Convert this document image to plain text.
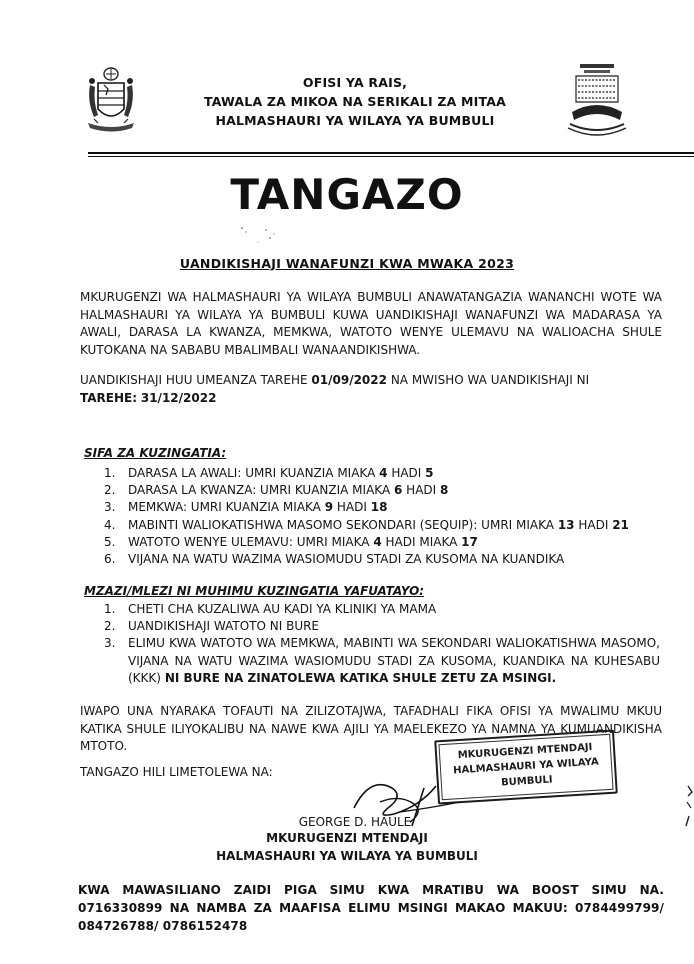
OFISI YA RAIS,
TAWALA ZA MIKOA NA SERIKALI ZA MITAA
HALMASHAURI YA WILAYA YA BUMBULI
TANGAZO
UANDIKISHAJI WANAFUNZI KWA MWAKA 2023
MKURUGENZI WA HALMASHAURI YA WILAYA BUMBULI ANAWATANGAZIA WANANCHI WOTE WA HALMASHAURI YA WILAYA YA BUMBULI KUWA UANDIKISHAJI WANAFUNZI WA MADARASA YA AWALI, DARASA LA KWANZA, MEMKWA, WATOTO WENYE ULEMAVU NA WALIOACHA SHULE KUTOKANA NA SABABU MBALIMBALI WANAANDIKISHWA.
UANDIKISHAJI HUU UMEANZA TAREHE 01/09/2022 NA MWISHO WA UANDIKISHAJI NI
TAREHE: 31/12/2022
SIFA ZA KUZINGATIA:
1. DARASA LA AWALI: UMRI KUANZIA MIAKA 4 HADI 5
2. DARASA LA KWANZA: UMRI KUANZIA MIAKA 6 HADI 8
3. MEMKWA: UMRI KUANZIA MIAKA 9 HADI 18
4. MABINTI WALIOKATISHWA MASOMO SEKONDARI (SEQUIP): UMRI MIAKA 13 HADI 21
5. WATOTO WENYE ULEMAVU: UMRI MIAKA 4 HADI MIAKA 17
6. VIJANA NA WATU WAZIMA WASIOMUDU STADI ZA KUSOMA NA KUANDIKA
MZAZI/MLEZI NI MUHIMU KUZINGATIA YAFUATAYO:
1. CHETI CHA KUZALIWA AU KADI YA KLINIKI YA MAMA
2. UANDIKISHAJI WATOTO NI BURE
3. ELIMU KWA WATOTO WA MEMKWA, MABINTI WA SEKONDARI WALIOKATISHWA MASOMO, VIJANA NA WATU WAZIMA WASIOMUDU STADI ZA KUSOMA, KUANDIKA NA KUHESABU (KKK) NI BURE NA ZINATOLEWA KATIKA SHULE ZETU ZA MSINGI.
IWAPO UNA NYARAKA TOFAUTI NA ZILIZOTAJWA, TAFADHALI FIKA OFISI YA MWALIMU MKUU KATIKA SHULE ILIYOKALIBU NA NAWE KWA AJILI YA MAELEKEZO YA NAMNA YA KUMUANDIKISHA MTOTO.
TANGAZO HILI LIMETOLEWA NA:
MKURUGENZI MTENDAJI
HALMASHAURI YA WILAYA
BUMBULI
GEORGE D. HAULE
MKURUGENZI MTENDAJI
HALMASHAURI YA WILAYA YA BUMBULI
KWA MAWASILIANO ZAIDI PIGA SIMU KWA MRATIBU WA BOOST SIMU NA. 0716330899 NA NAMBA ZA MAAFISA ELIMU MSINGI MAKAO MAKUU: 0784499799/ 084726788/ 0786152478
